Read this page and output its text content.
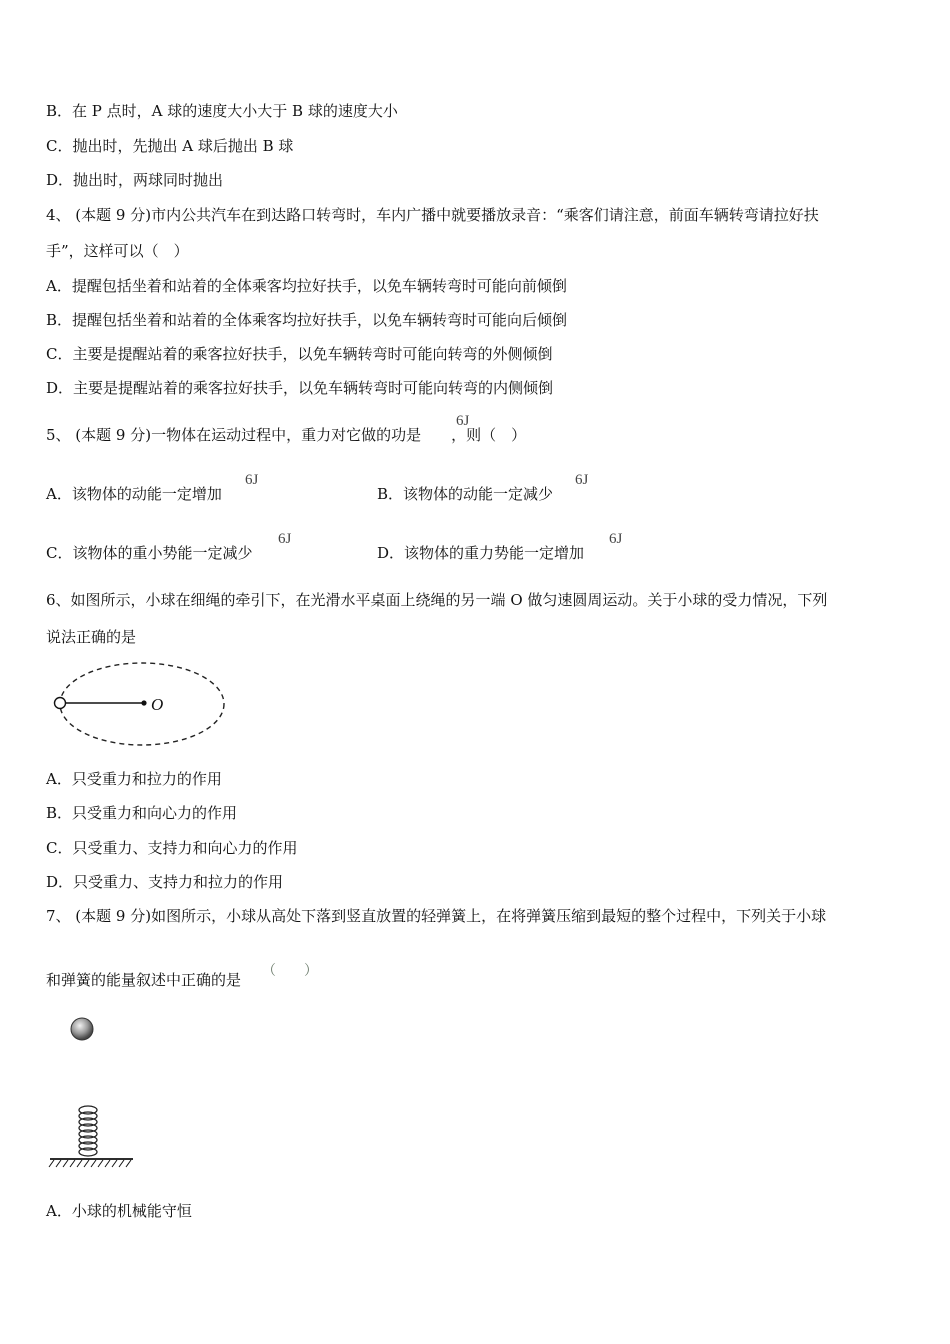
B．在 P 点时，A 球的速度大小大于 B 球的速度大小
C．抛出时，先抛出 A 球后抛出 B 球
D．抛出时，两球同时抛出
4、 (本题 9 分)市内公共汽车在到达路口转弯时，车内广播中就要播放录音：“乘客们请注意，前面车辆转弯请拉好扶
手”，这样可以（　）
A．提醒包括坐着和站着的全体乘客均拉好扶手，以免车辆转弯时可能向前倾倒
B．提醒包括坐着和站着的全体乘客均拉好扶手，以免车辆转弯时可能向后倾倒
C．主要是提醒站着的乘客拉好扶手，以免车辆转弯时可能向转弯的外侧倾倒
D．主要是提醒站着的乘客拉好扶手，以免车辆转弯时可能向转弯的内侧倾倒
5、 (本题 9 分)一物体在运动过程中，重力对它做的功是 ，则（　）
6J
A．该物体的动能一定增加
6J
B．该物体的动能一定减少
6J
C．该物体的重小势能一定减少
6J
D．该物体的重力势能一定增加
6J
6、如图所示，小球在细绳的牵引下，在光滑水平桌面上绕绳的另一端 O 做匀速圆周运动。关于小球的受力情况，下列
说法正确的是
O
A．只受重力和拉力的作用
B．只受重力和向心力的作用
C．只受重力、支持力和向心力的作用
D．只受重力、支持力和拉力的作用
7、 (本题 9 分)如图所示，小球从高处下落到竖直放置的轻弹簧上，在将弹簧压缩到最短的整个过程中，下列关于小球
和弹簧的能量叙述中正确的是 （　　）
A．小球的机械能守恒
